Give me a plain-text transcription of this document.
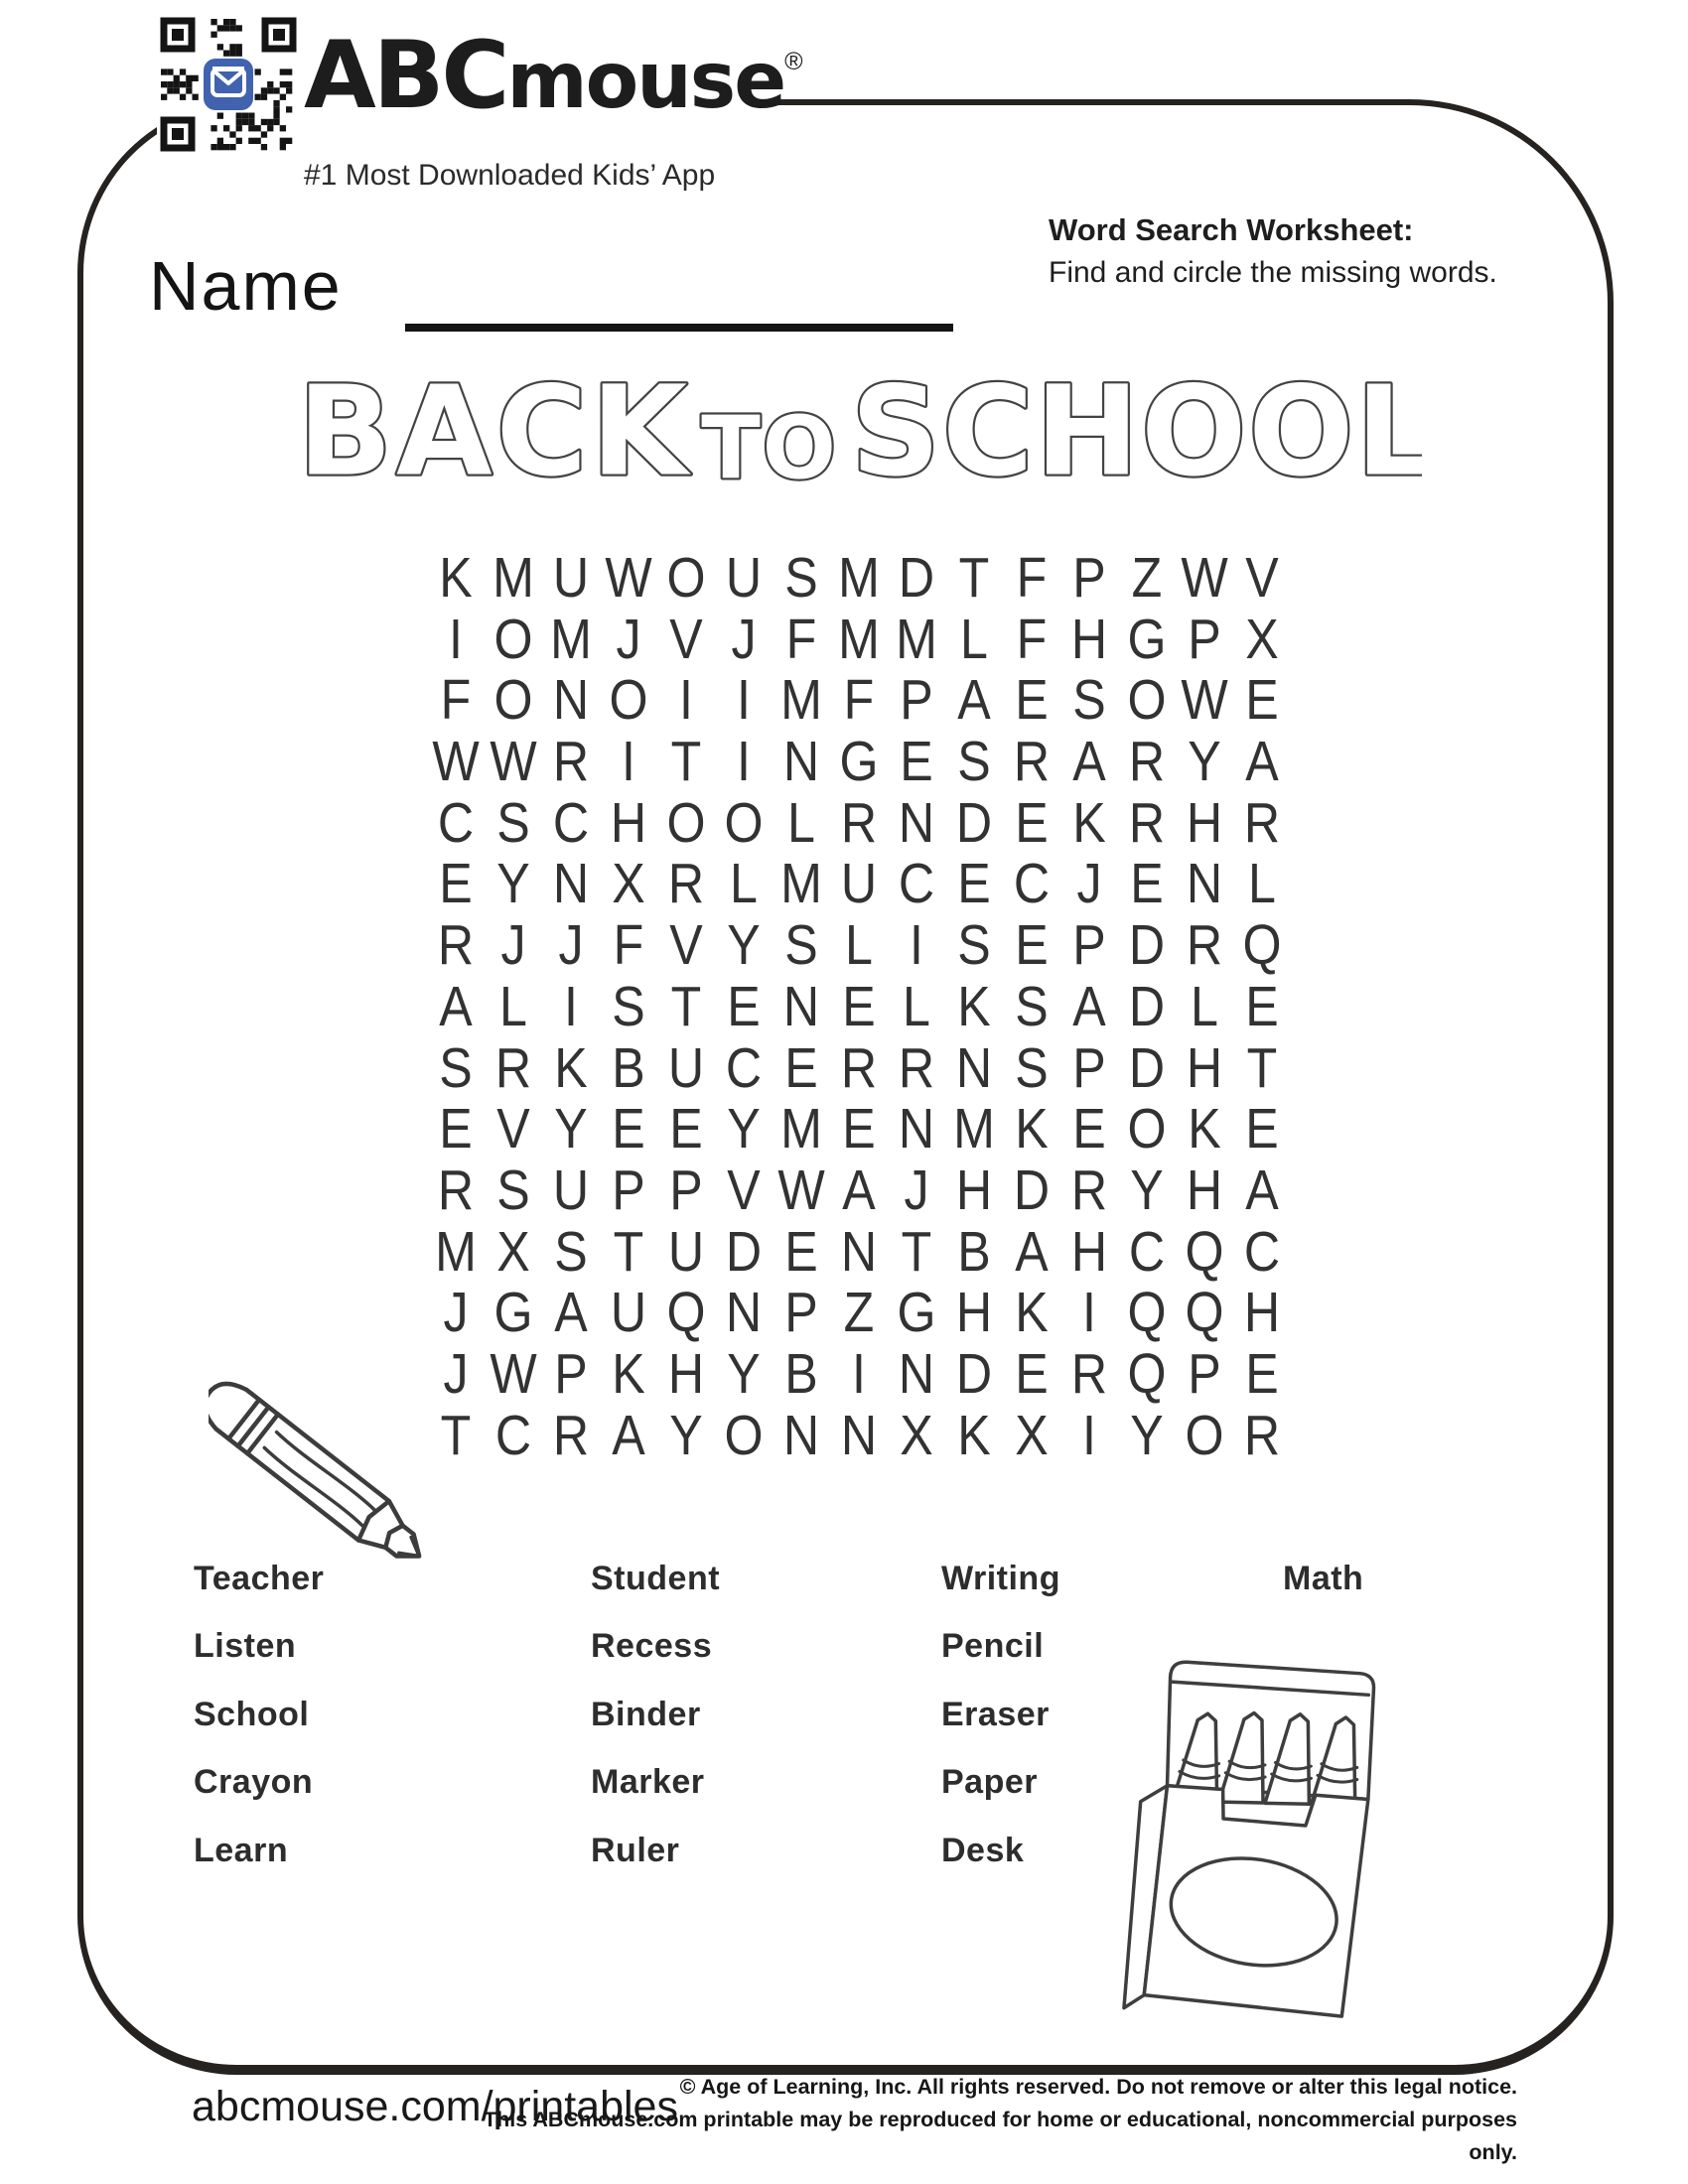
ABCmouse®
#1 Most Downloaded Kids’ App
Name
Word Search Worksheet:
Find and circle the missing words.
BACK TO SCHOOL
K M U W O U S M D T F P Z W V
I O M J V J F M M L F H G P X
F O N O I I M F P A E S O W E
W W R I T I N G E S R A R Y A
C S C H O O L R N D E K R H R
E Y N X R L M U C E C J E N L
R J J F V Y S L I S E P D R Q
A L I S T E N E L K S A D L E
S R K B U C E R R N S P D H T
E V Y E E Y M E N M K E O K E
R S U P P V W A J H D R Y H A
M X S T U D E N T B A H C Q C
J G A U Q N P Z G H K I Q Q H
J W P K H Y B I N D E R Q P E
T C R A Y O N N X K X I Y O R
Teacher
Listen
School
Crayon
Learn
Student
Recess
Binder
Marker
Ruler
Writing
Pencil
Eraser
Paper
Desk
Math
abcmouse.com/printables © Age of Learning, Inc. All rights reserved. Do not remove or alter this legal notice.
This ABCmouse.com printable may be reproduced for home or educational, noncommercial purposes only.
